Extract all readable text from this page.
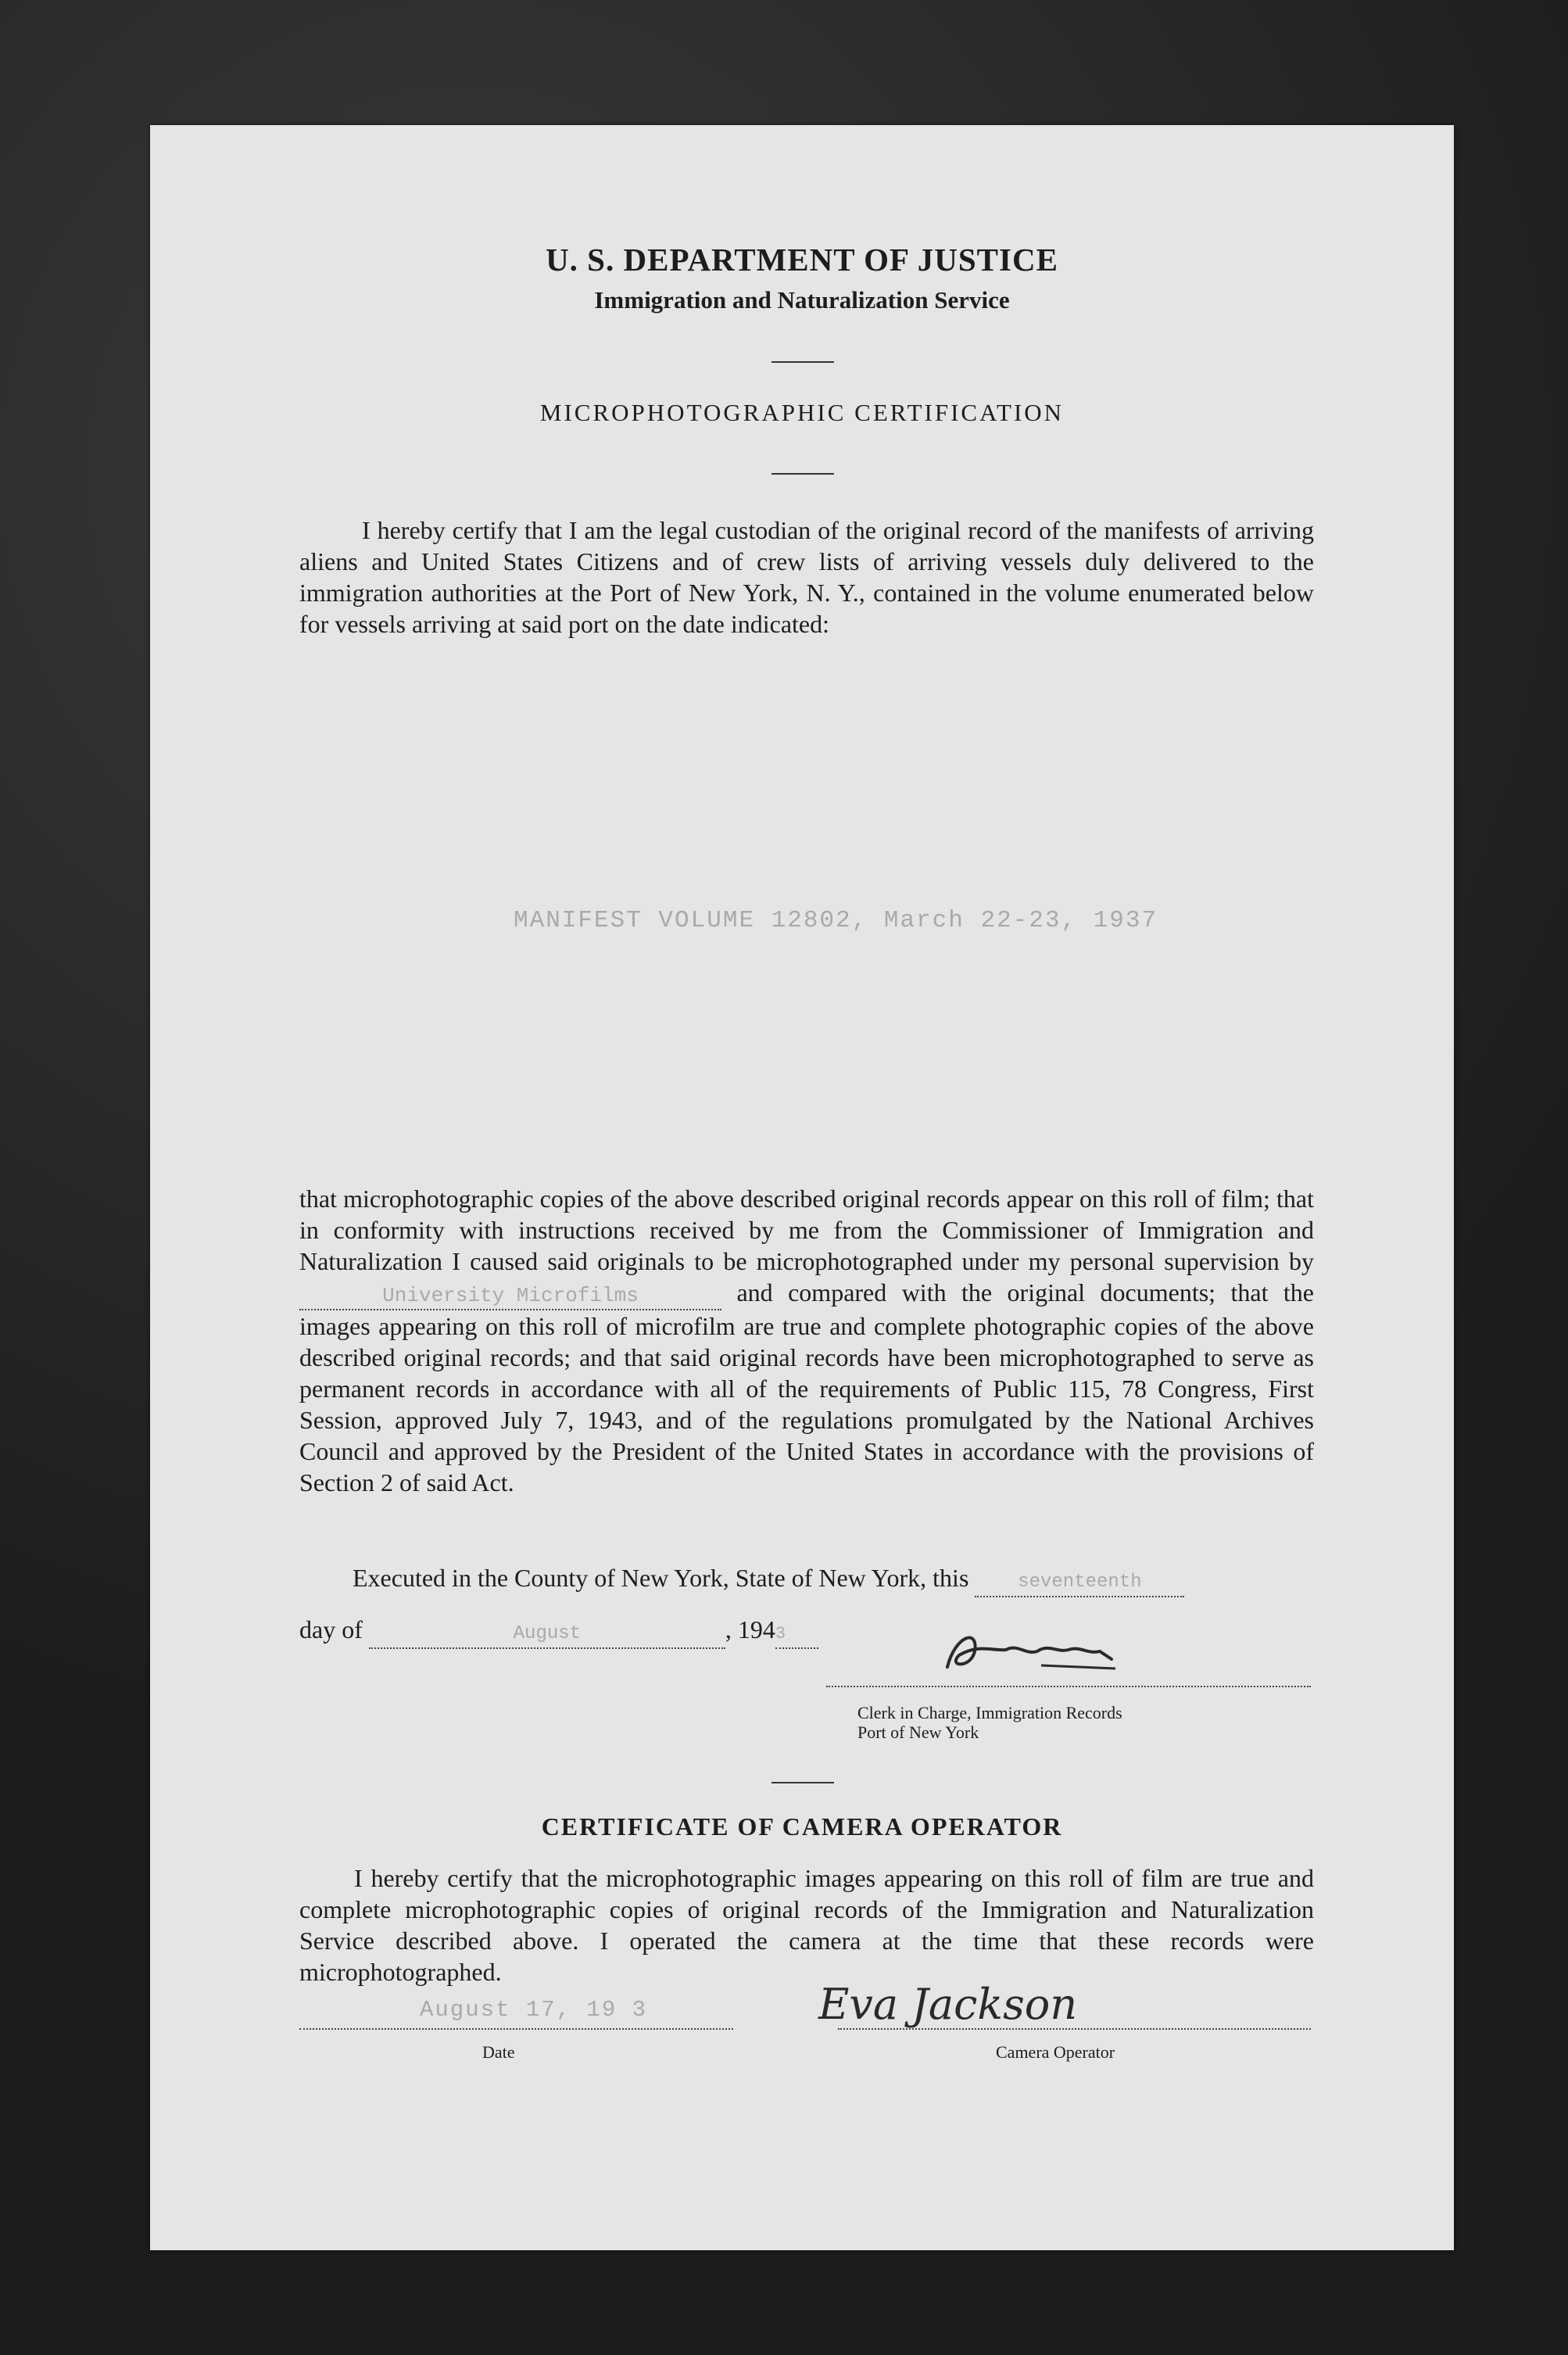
U. S. DEPARTMENT OF JUSTICE
Immigration and Naturalization Service
MICROPHOTOGRAPHIC CERTIFICATION
I hereby certify that I am the legal custodian of the original record of the manifests of arriving aliens and United States Citizens and of crew lists of arriving vessels duly delivered to the immigration authorities at the Port of New York, N. Y., contained in the volume enumerated below for vessels arriving at said port on the date indicated:
MANIFEST VOLUME 12802, March 22-23, 1937
that microphotographic copies of the above described original records appear on this roll of film; that in conformity with instructions received by me from the Commissioner of Immigration and Naturalization I caused said originals to be microphotographed under my personal supervision by University Microfilms	and compared with the original documents; that the images appearing on this roll of microfilm are true and complete photographic copies of the above described original records; and that said original records have been microphotographed to serve as permanent records in accordance with all of the requirements of Public 115, 78 Congress, First Session, approved July 7, 1943, and of the regulations promulgated by the National Archives Council and approved by the President of the United States in accordance with the provisions of Section 2 of said Act.
Executed in the County of New York, State of New York, this	seventeenth
day of	August	, 1943
Clerk in Charge, Immigration Records
Port of New York
CERTIFICATE OF CAMERA OPERATOR
I hereby certify that the microphotographic images appearing on this roll of film are true and complete microphotographic copies of original records of the Immigration and Naturalization Service described above. I operated the camera at the time that these records were microphotographed.
August 17, 19 3
Date
Eva Jackson
Camera Operator
